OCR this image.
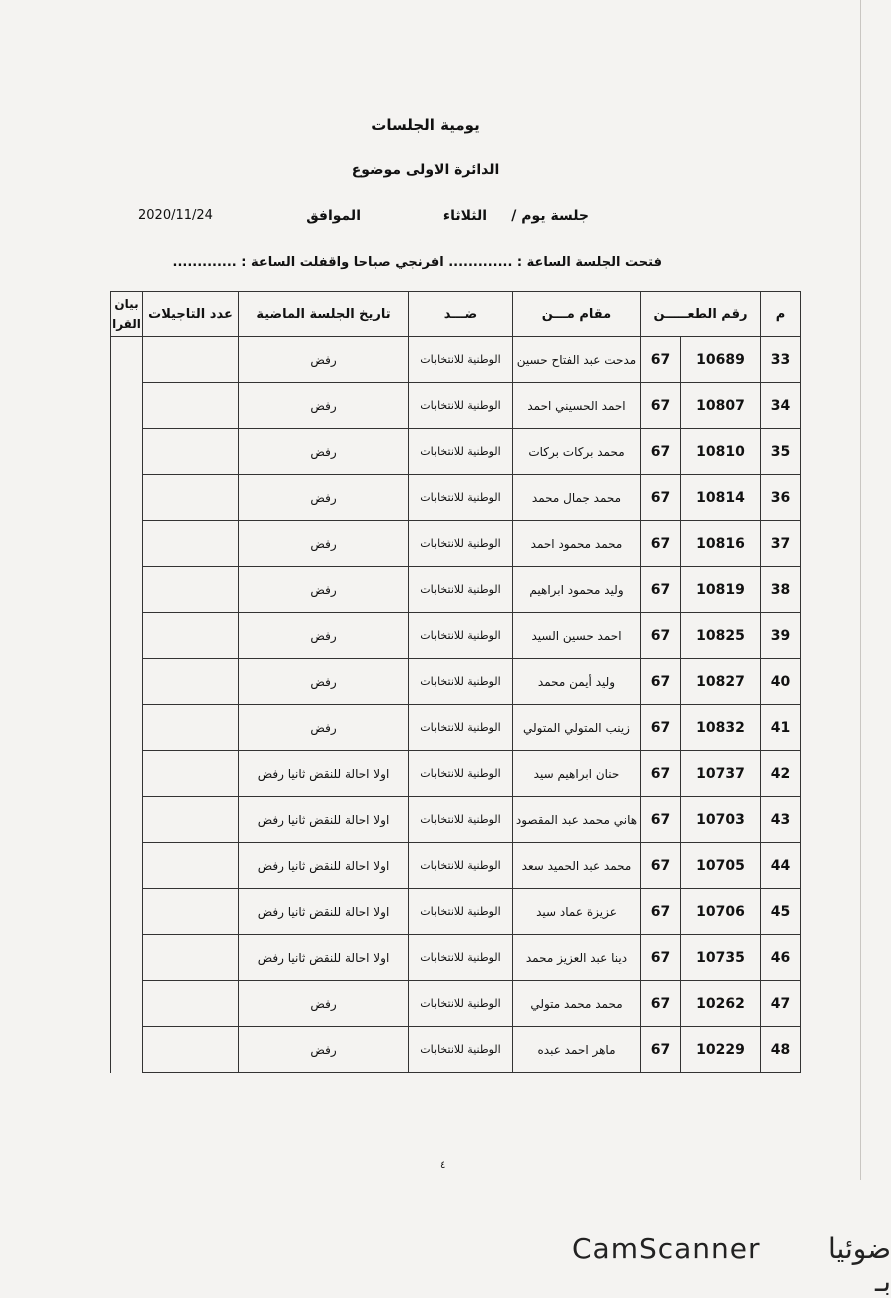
يومية الجلسات
الدائرة الاولى موضوع
جلسة يوم /
الثلاثاء
الموافق
2020/11/24
فتحت الجلسة الساعة : ............. افرنجي صباحا واقفلت الساعة : .............
م	رقم الطعـــــن		مقام مـــن	ضـــد	تاريخ الجلسة الماضية	عدد التاجيلات	بيان القرا
33	10689	67	مدحت عبد الفتاح حسين	الوطنية للانتخابات	رفض		
34	10807	67	احمد الحسيني احمد	الوطنية للانتخابات	رفض		
35	10810	67	محمد بركات بركات	الوطنية للانتخابات	رفض		
36	10814	67	محمد جمال محمد	الوطنية للانتخابات	رفض		
37	10816	67	محمد محمود احمد	الوطنية للانتخابات	رفض		
38	10819	67	وليد محمود ابراهيم	الوطنية للانتخابات	رفض		
39	10825	67	احمد حسين السيد	الوطنية للانتخابات	رفض		
40	10827	67	وليد أيمن محمد	الوطنية للانتخابات	رفض		
41	10832	67	زينب المتولي المتولي	الوطنية للانتخابات	رفض		
42	10737	67	حنان ابراهيم سيد	الوطنية للانتخابات	اولا احالة للنقض ثانيا رفض		
43	10703	67	هاني محمد عبد المقصود	الوطنية للانتخابات	اولا احالة للنقض ثانيا رفض		
44	10705	67	محمد عبد الحميد سعد	الوطنية للانتخابات	اولا احالة للنقض ثانيا رفض		
45	10706	67	عزيزة عماد سيد	الوطنية للانتخابات	اولا احالة للنقض ثانيا رفض		
46	10735	67	دينا عبد العزيز محمد	الوطنية للانتخابات	اولا احالة للنقض ثانيا رفض		
47	10262	67	محمد محمد متولي	الوطنية للانتخابات	رفض		
48	10229	67	ماهر احمد عبده	الوطنية للانتخابات	رفض		
٤
CamScanner	ضوئيا بـ
